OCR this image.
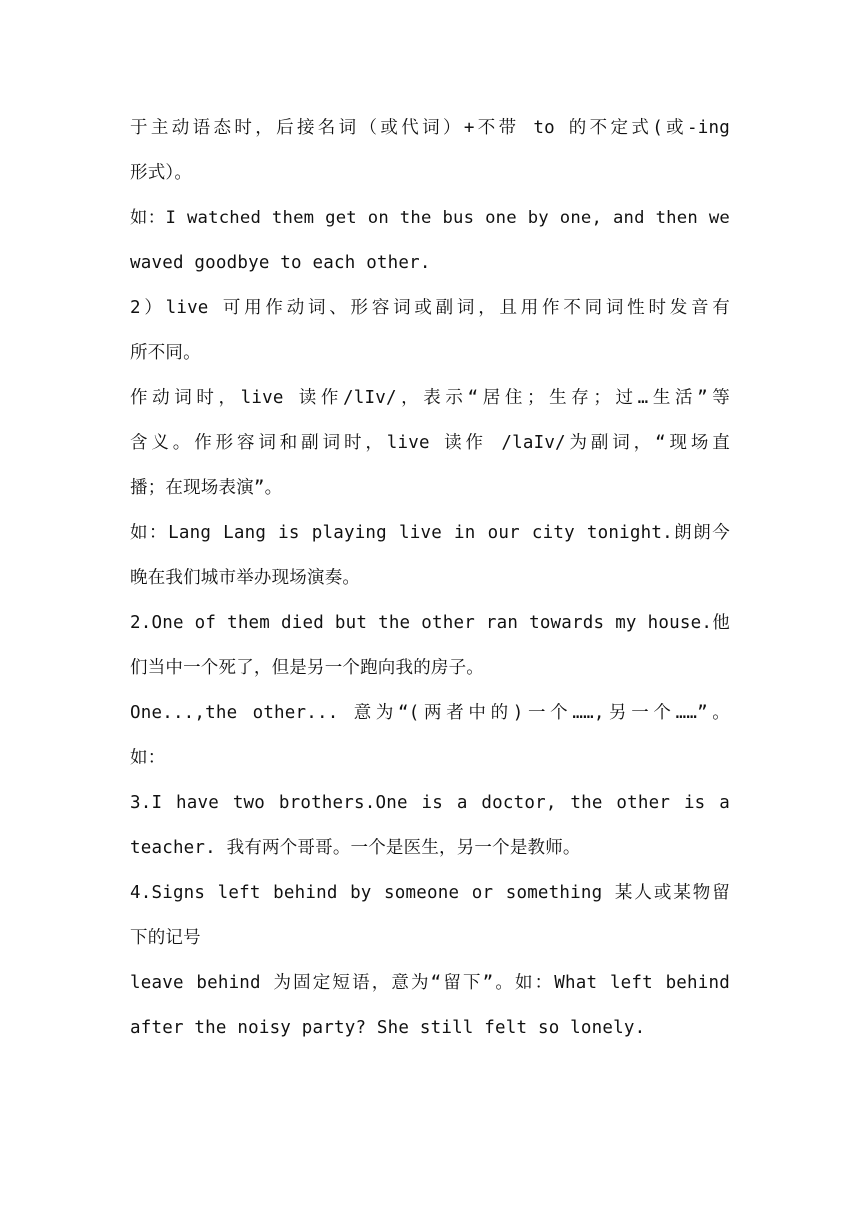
于主动语态时，后接名词（或代词）+不带 to 的不定式(或-ing
形式）。
如：I watched them get on the bus one by one, and then we
waved goodbye to each other.
2）live 可用作动词、形容词或副词，且用作不同词性时发音有
所不同。
作动词时，live 读作/lIv/，表示“居住；生存；过…生活”等
含义。作形容词和副词时，live 读作 /laIv/为副词，“现场直
播；在现场表演”。
如：Lang Lang is playing live in our city tonight.朗朗今
晚在我们城市举办现场演奏。
2.One of them died but the other ran towards my house.他
们当中一个死了，但是另一个跑向我的房子。
One...,the other... 意为“(两者中的)一个……,另一个……”。
如：
3.I have two brothers.One is a doctor, the other is a
teacher. 我有两个哥哥。一个是医生，另一个是教师。
4.Signs left behind by someone or something 某人或某物留
下的记号
leave behind 为固定短语，意为“留下”。如：What left behind
after the noisy party? She still felt so lonely.
